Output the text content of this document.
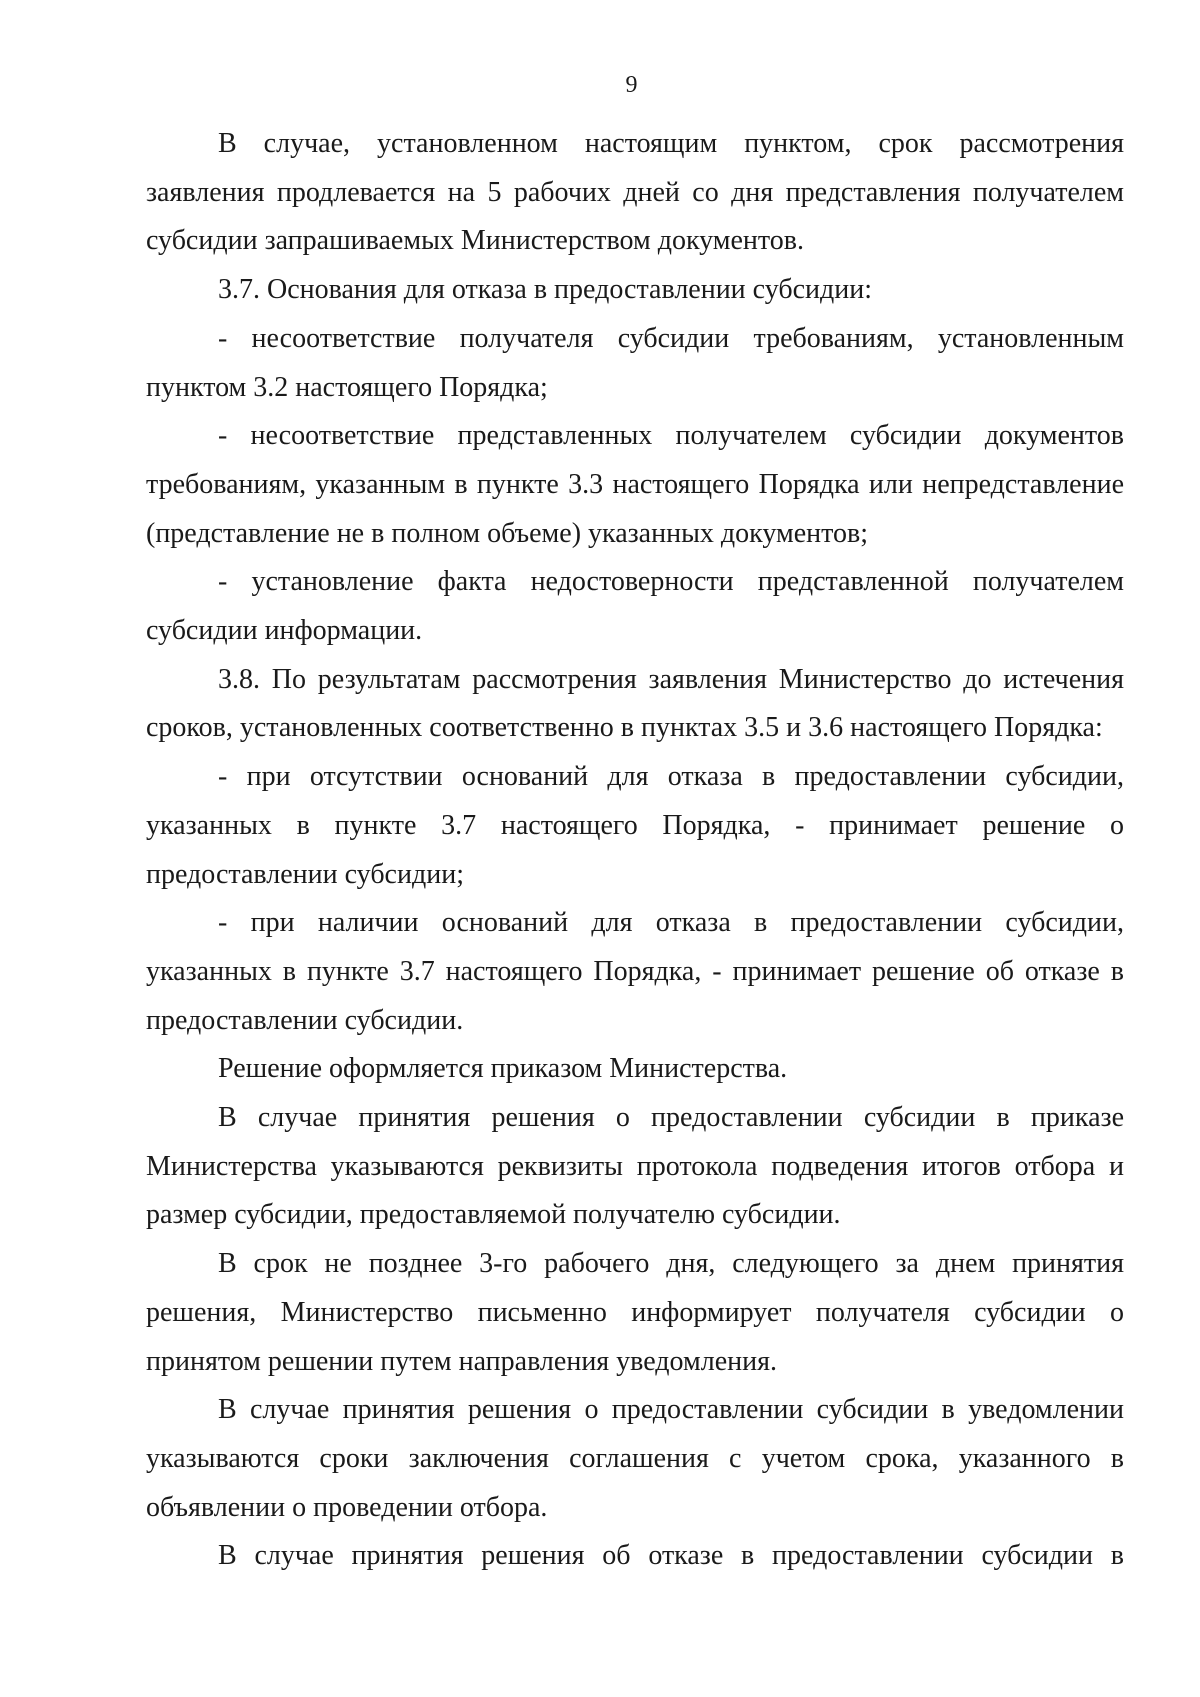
9

В случае, установленном настоящим пунктом, срок рассмотрения заявления продлевается на 5 рабочих дней со дня представления получателем субсидии запрашиваемых Министерством документов.

3.7. Основания для отказа в предоставлении субсидии:

- несоответствие получателя субсидии требованиям, установленным пунктом 3.2 настоящего Порядка;

- несоответствие представленных получателем субсидии документов требованиям, указанным в пункте 3.3 настоящего Порядка или непредставление (представление не в полном объеме) указанных документов;

- установление факта недостоверности представленной получателем субсидии информации.

3.8. По результатам рассмотрения заявления Министерство до истечения сроков, установленных соответственно в пунктах 3.5 и 3.6 настоящего Порядка:

- при отсутствии оснований для отказа в предоставлении субсидии, указанных в пункте 3.7 настоящего Порядка, - принимает решение о предоставлении субсидии;

- при наличии оснований для отказа в предоставлении субсидии, указанных в пункте 3.7 настоящего Порядка, - принимает решение об отказе в предоставлении субсидии.

Решение оформляется приказом Министерства.

В случае принятия решения о предоставлении субсидии в приказе Министерства указываются реквизиты протокола подведения итогов отбора и размер субсидии, предоставляемой получателю субсидии.

В срок не позднее 3-го рабочего дня, следующего за днем принятия решения, Министерство письменно информирует получателя субсидии о принятом решении путем направления уведомления.

В случае принятия решения о предоставлении субсидии в уведомлении указываются сроки заключения соглашения с учетом срока, указанного в объявлении о проведении отбора.

В случае принятия решения об отказе в предоставлении субсидии в
